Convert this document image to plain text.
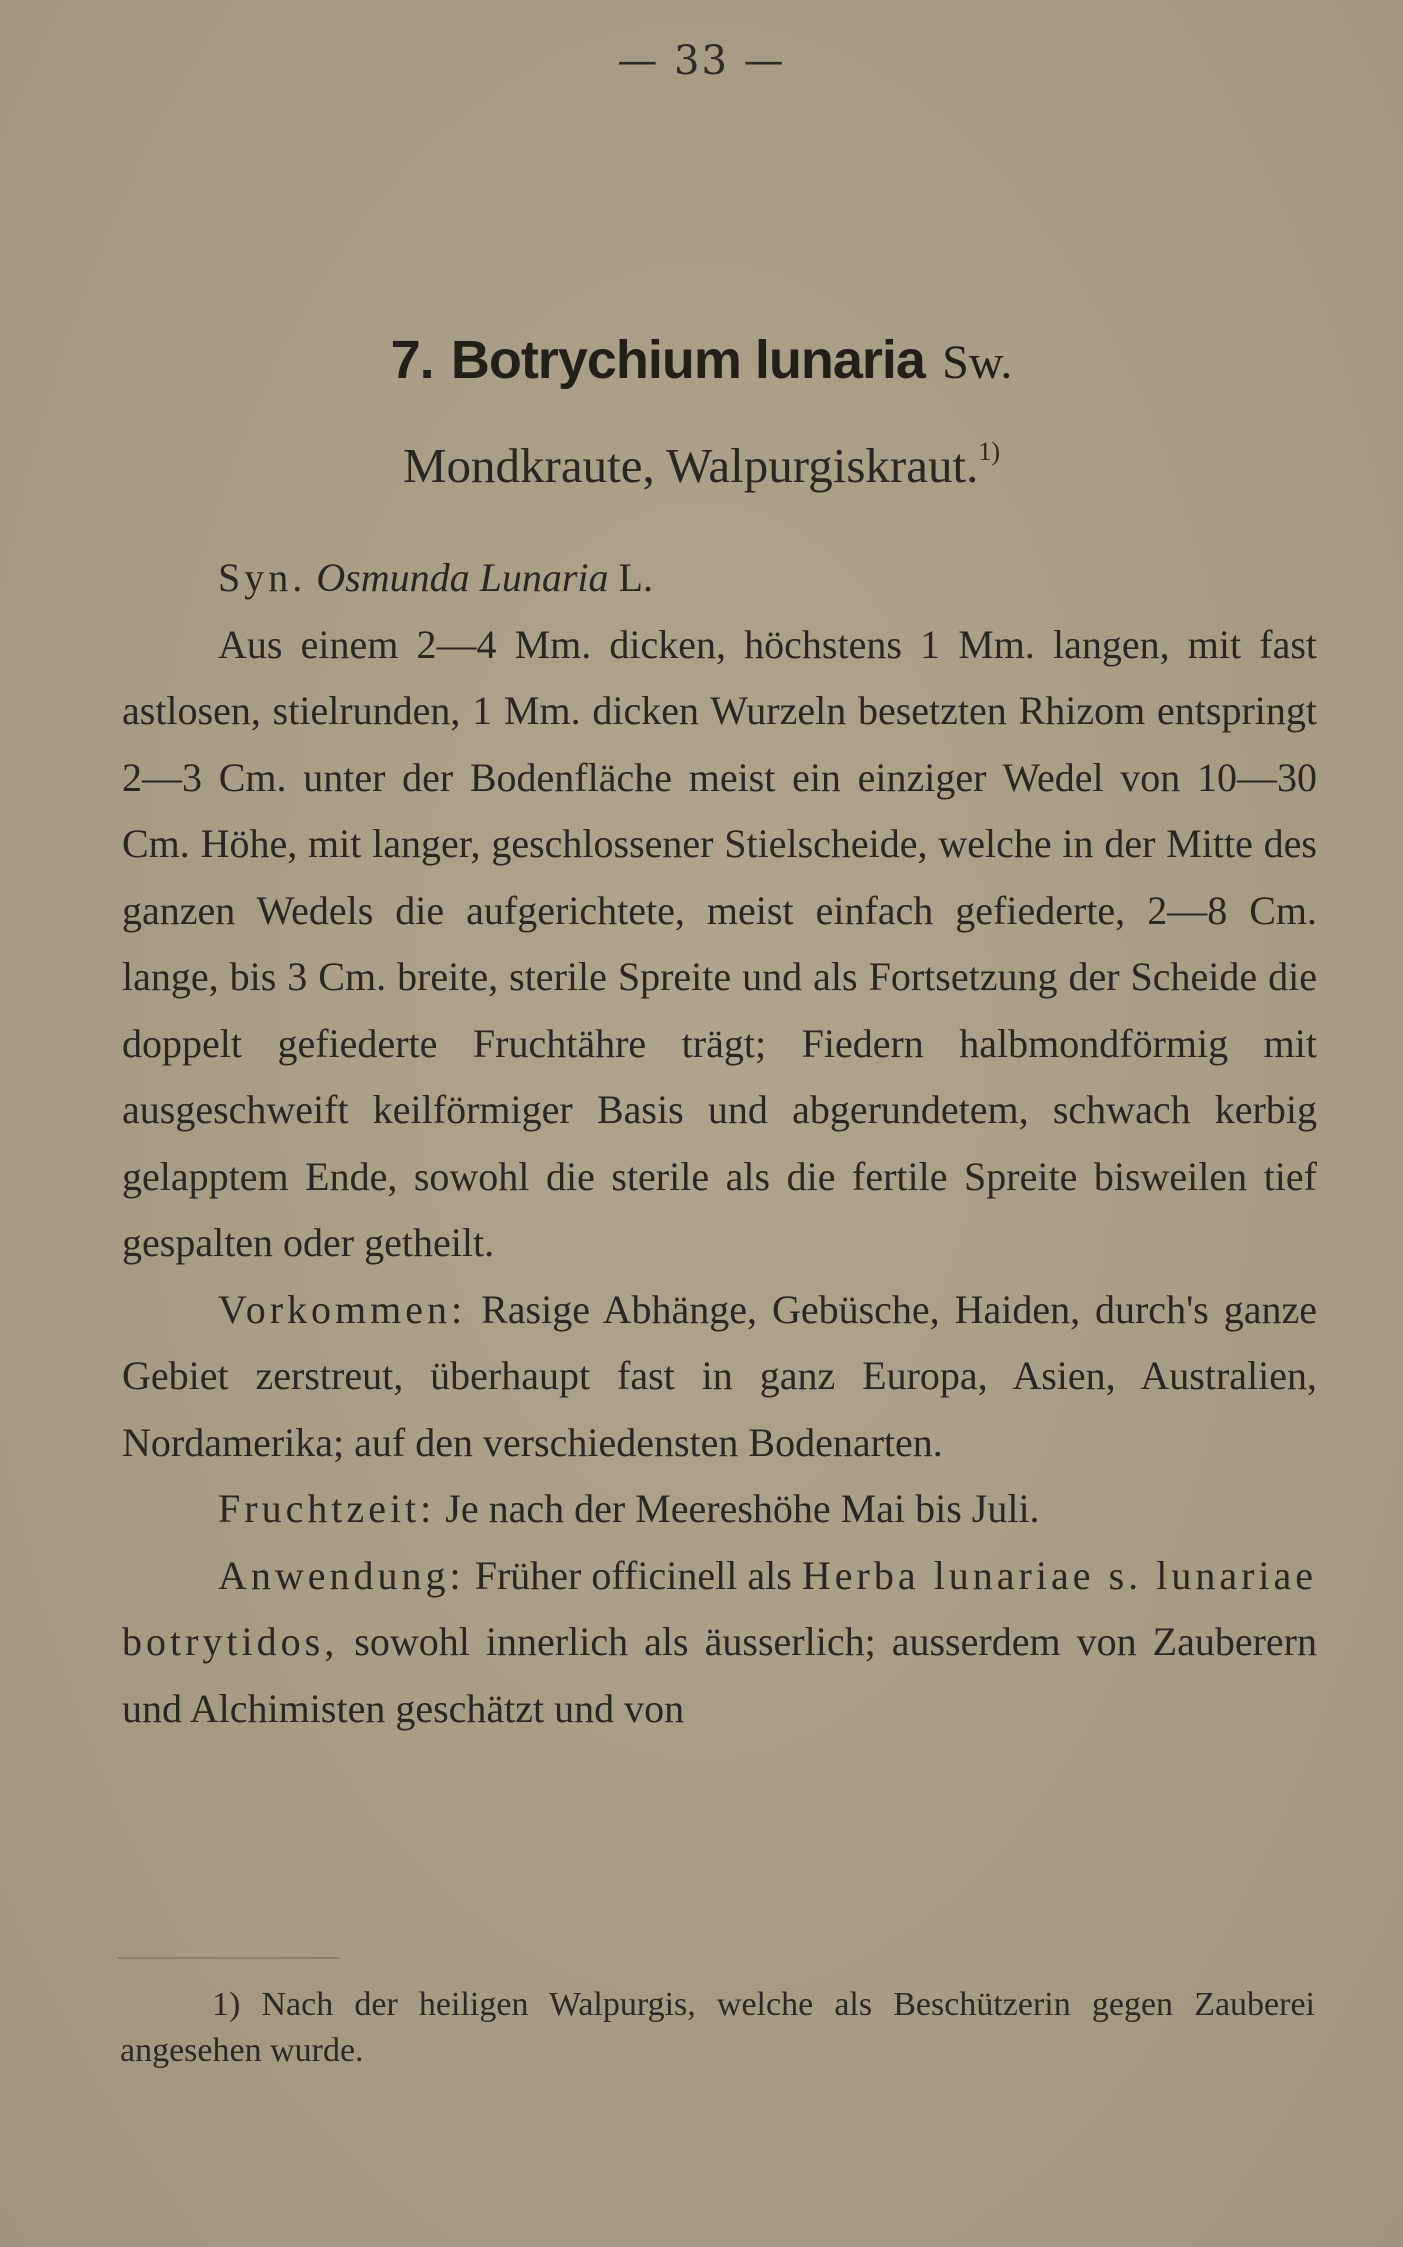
— 33 —
7. Botrychium lunaria Sw.
Mondkraute, Walpurgiskraut.$^{1)}$

Syn. Osmunda Lunaria L.

Aus einem 2—4 Mm. dicken, höchstens 1 Mm. langen, mit fast astlosen, stielrunden, 1 Mm. dicken Wurzeln besetzten Rhizom entspringt 2—3 Cm. unter der Bodenfläche meist ein einziger Wedel von 10—30 Cm. Höhe, mit langer, geschlossener Stielscheide, welche in der Mitte des ganzen Wedels die aufgerichtete, meist einfach gefiederte, 2—8 Cm. lange, bis 3 Cm. breite, sterile Spreite und als Fortsetzung der Scheide die doppelt gefiederte Fruchtähre trägt; Fiedern halbmondförmig mit ausgeschweift keilförmiger Basis und abgerundetem, schwach kerbig gelapptem Ende, sowohl die sterile als die fertile Spreite bisweilen tief gespalten oder getheilt.

Vorkommen: Rasige Abhänge, Gebüsche, Haiden, durch's ganze Gebiet zerstreut, überhaupt fast in ganz Europa, Asien, Australien, Nordamerika; auf den verschiedensten Bodenarten.

Fruchtzeit: Je nach der Meereshöhe Mai bis Juli.

Anwendung: Früher officinell als Herba lunariae s. lunariae botrytidos, sowohl innerlich als äusserlich; ausserdem von Zauberern und Alchimisten geschätzt und von

1) Nach der heiligen Walpurgis, welche als Beschützerin gegen Zauberei angesehen wurde.
